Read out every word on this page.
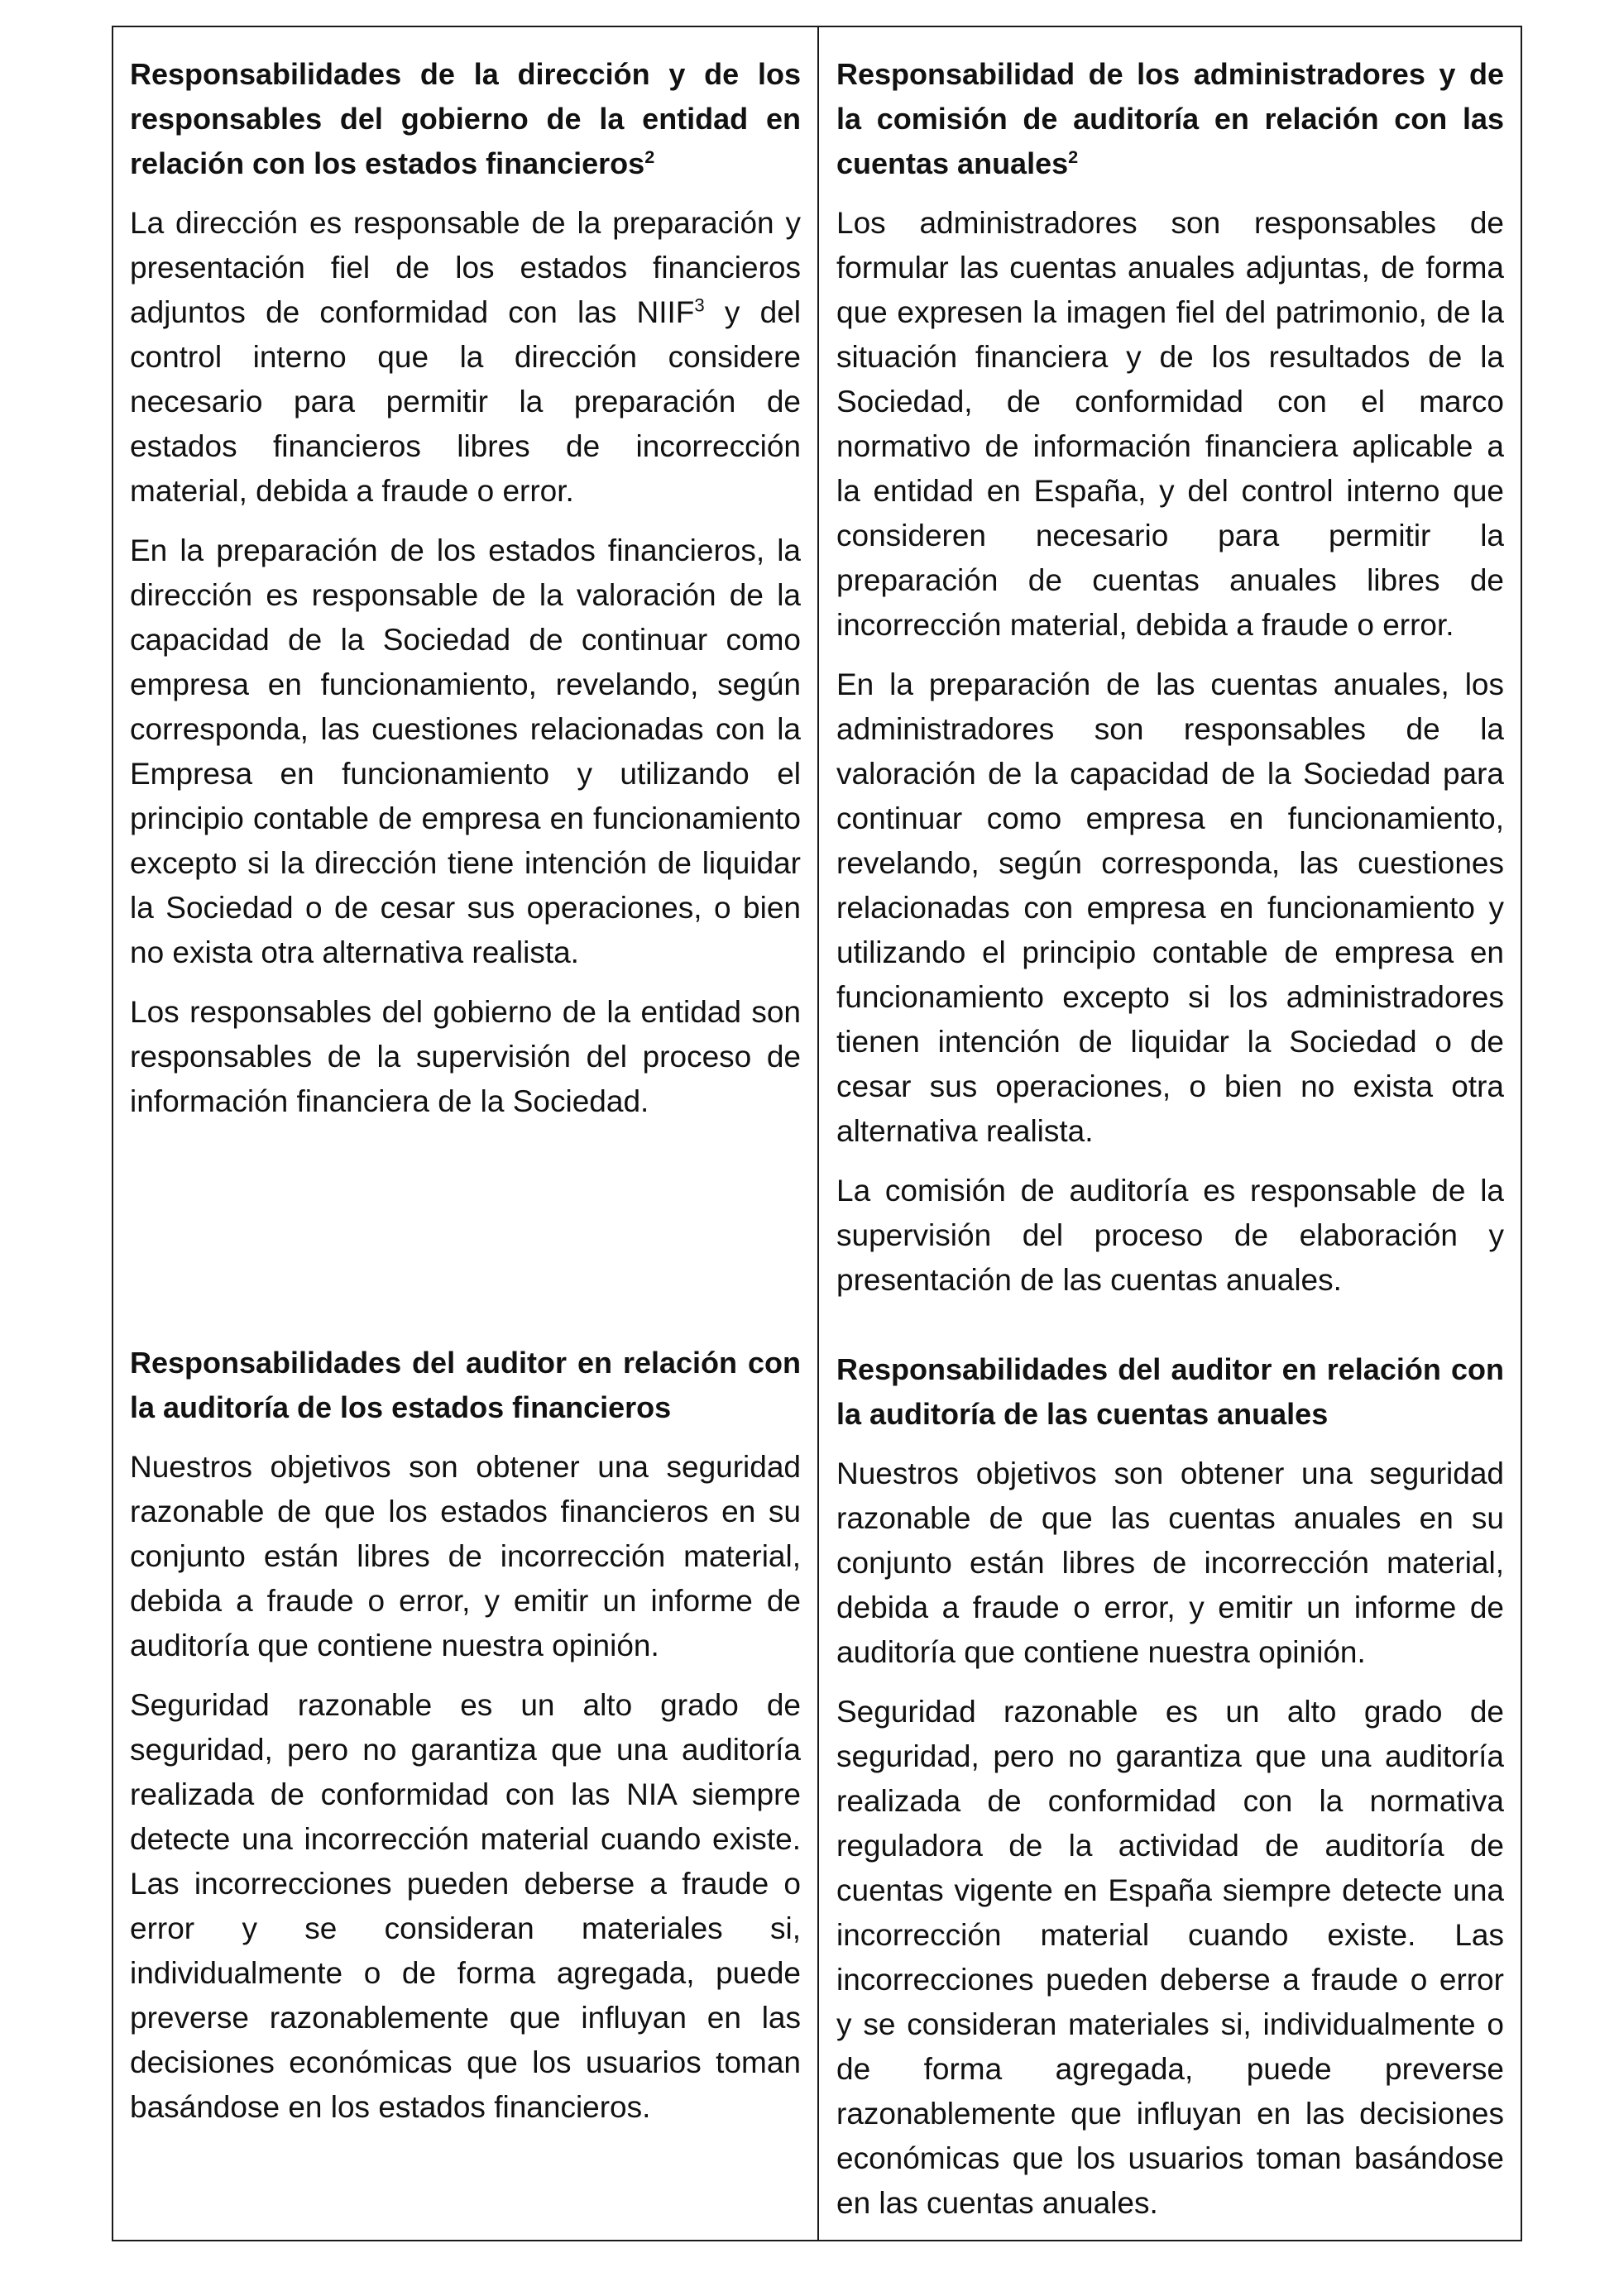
Responsabilidades de la dirección y de los responsables del gobierno de la entidad en relación con los estados financieros$^2$

La dirección es responsable de la preparación y presentación fiel de los estados financieros adjuntos de conformidad con las NIIF$^3$ y del control interno que la dirección considere necesario para permitir la preparación de estados financieros libres de incorrección material, debida a fraude o error.

En la preparación de los estados financieros, la dirección es responsable de la valoración de la capacidad de la Sociedad de continuar como empresa en funcionamiento, revelando, según corresponda, las cuestiones relacionadas con la Empresa en funcionamiento y utilizando el principio contable de empresa en funcionamiento excepto si la dirección tiene intención de liquidar la Sociedad o de cesar sus operaciones, o bien no exista otra alternativa realista.

Los responsables del gobierno de la entidad son responsables de la supervisión del proceso de información financiera de la Sociedad.

Responsabilidades del auditor en relación con la auditoría de los estados financieros

Nuestros objetivos son obtener una seguridad razonable de que los estados financieros en su conjunto están libres de incorrección material, debida a fraude o error, y emitir un informe de auditoría que contiene nuestra opinión.

Seguridad razonable es un alto grado de seguridad, pero no garantiza que una auditoría realizada de conformidad con las NIA siempre detecte una incorrección material cuando existe. Las incorrecciones pueden deberse a fraude o error y se consideran materiales si, individualmente o de forma agregada, puede preverse razonablemente que influyan en las decisiones económicas que los usuarios toman basándose en los estados financieros.

Responsabilidad de los administradores y de la comisión de auditoría en relación con las cuentas anuales$^2$

Los administradores son responsables de formular las cuentas anuales adjuntas, de forma que expresen la imagen fiel del patrimonio, de la situación financiera y de los resultados de la Sociedad, de conformidad con el marco normativo de información financiera aplicable a la entidad en España, y del control interno que consideren necesario para permitir la preparación de cuentas anuales libres de incorrección material, debida a fraude o error.

En la preparación de las cuentas anuales, los administradores son responsables de la valoración de la capacidad de la Sociedad para continuar como empresa en funcionamiento, revelando, según corresponda, las cuestiones relacionadas con empresa en funcionamiento y utilizando el principio contable de empresa en funcionamiento excepto si los administradores tienen intención de liquidar la Sociedad o de cesar sus operaciones, o bien no exista otra alternativa realista.

La comisión de auditoría es responsable de la supervisión del proceso de elaboración y presentación de las cuentas anuales.

Responsabilidades del auditor en relación con la auditoría de las cuentas anuales

Nuestros objetivos son obtener una seguridad razonable de que las cuentas anuales en su conjunto están libres de incorrección material, debida a fraude o error, y emitir un informe de auditoría que contiene nuestra opinión.

Seguridad razonable es un alto grado de seguridad, pero no garantiza que una auditoría realizada de conformidad con la normativa reguladora de la actividad de auditoría de cuentas vigente en España siempre detecte una incorrección material cuando existe. Las incorrecciones pueden deberse a fraude o error y se consideran materiales si, individualmente o de forma agregada, puede preverse razonablemente que influyan en las decisiones económicas que los usuarios toman basándose en las cuentas anuales.
